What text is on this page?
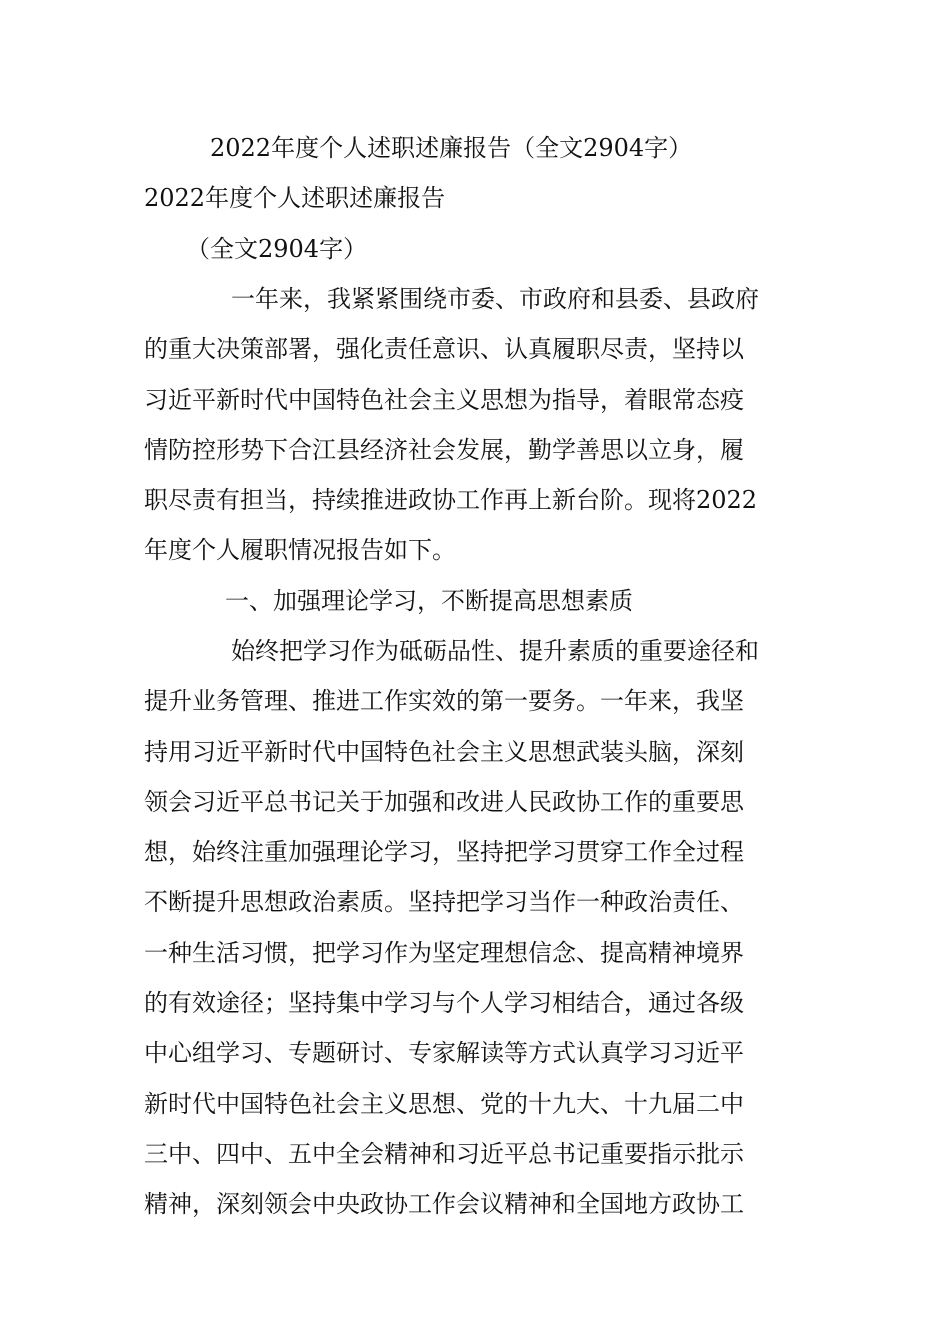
2022年度个人述职述廉报告（全文2904字）
2022年度个人述职述廉报告
（全文2904字）
一年来，我紧紧围绕市委、市政府和县委、县政府
的重大决策部署，强化责任意识、认真履职尽责，坚持以
习近平新时代中国特色社会主义思想为指导，着眼常态疫
情防控形势下合江县经济社会发展，勤学善思以立身，履
职尽责有担当，持续推进政协工作再上新台阶。现将2022
年度个人履职情况报告如下。
一、加强理论学习，不断提高思想素质
始终把学习作为砥砺品性、提升素质的重要途径和
提升业务管理、推进工作实效的第一要务。一年来，我坚
持用习近平新时代中国特色社会主义思想武装头脑，深刻
领会习近平总书记关于加强和改进人民政协工作的重要思
想，始终注重加强理论学习，坚持把学习贯穿工作全过程
不断提升思想政治素质。坚持把学习当作一种政治责任、
一种生活习惯，把学习作为坚定理想信念、提高精神境界
的有效途径；坚持集中学习与个人学习相结合，通过各级
中心组学习、专题研讨、专家解读等方式认真学习习近平
新时代中国特色社会主义思想、党的十九大、十九届二中
三中、四中、五中全会精神和习近平总书记重要指示批示
精神，深刻领会中央政协工作会议精神和全国地方政协工
